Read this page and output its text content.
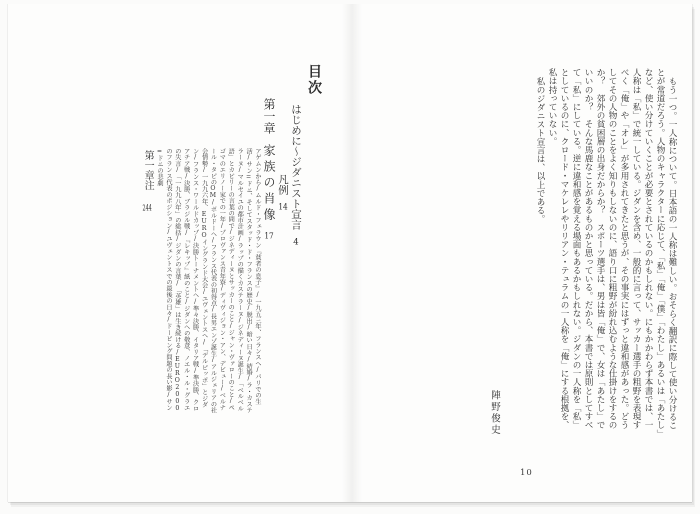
目次
はじめに〜ジダニスト宣言4
凡例14
第一章家族の肖像17
アゲムンから/ムルド・フェラウン『貧者の息子』/一九五三年、フランスへ/パリでの生活/サン=ドニ、そしてスタッド・ド・フランスの歴史/脱出/暗い日々/結婚/ラ・カステラーヌ/マルセイユの都市計画/ラップの描くカステラーヌ/ジネディーヌ誕生/「ベルベル語」とカビリーの言葉の間で/ジネディーヌとサッカーのこと/ジャン・ヴァローのこと/ペゴマのエリノー家での一年/プロヴァンス青年寮/ディヴィジョン・アン、デビュー/ベルナール・タピのOM/ボルドーへ/フランス代表の初得点/長男エンゾ誕生/アルジェリアの社会情勢/一九九六年、EUROイングランド大会/ユヴェントスへ/「デルピッポ」とジダン/フランス・ワールドカップ/決勝トーナメントへ/準々決勝、イタリア戦/準決勝、クロアチア戦/決勝、ブラジル戦/『レキップ』紙のこと/ジダンへの敬意、ノエル・ル・グラエの失言/「一九九八年」の総括/ジダンの言葉/「英雄」は生き続ける/EURO2000のフランス代表のポジション/ユヴェントスでの最後の日々/ドーピング問題の長い影/サン=ドニの悲劇
第一章注244	もう一つ。一人称について。日本語の一人称は難しい。おそらく翻訳に際して使い分けることが常道だろう。人物のキャラクターに応じて、「私」「俺」「僕」「わたし」あるいは「あたし」など、使い分けていくことが必要とされているのかもしれない。にもかかわらず本書では、一人称は「私」で統一している。ジダンを含め、一般的に言って、サッカー選手の粗野を表現すべく「俺」や「オレ」が多用されてきたと思うが、その事実にはずっと違和感があった。どうしてその人物のことをよく知りもしないのに、語り口に粗野が紛れ込むような仕掛けをするのか？　郊外の貧困層の出身だからか？　スポーツ選手は、男は皆「俺」で、女は「あたし」でいいのか？　そんな馬鹿なことがあるものかと思っている。だから、本書では原則としてすべて「私」にしている。逆に違和感を覚える場面もあるかもしれない。ジダンの一人称を「私」としているのに、クロード・マケレレやリリアン・テュラムの一人称を「俺」にする根拠を、私は持っていない。

私のジダニスト宣言は、以上である。

陣野俊史
10
